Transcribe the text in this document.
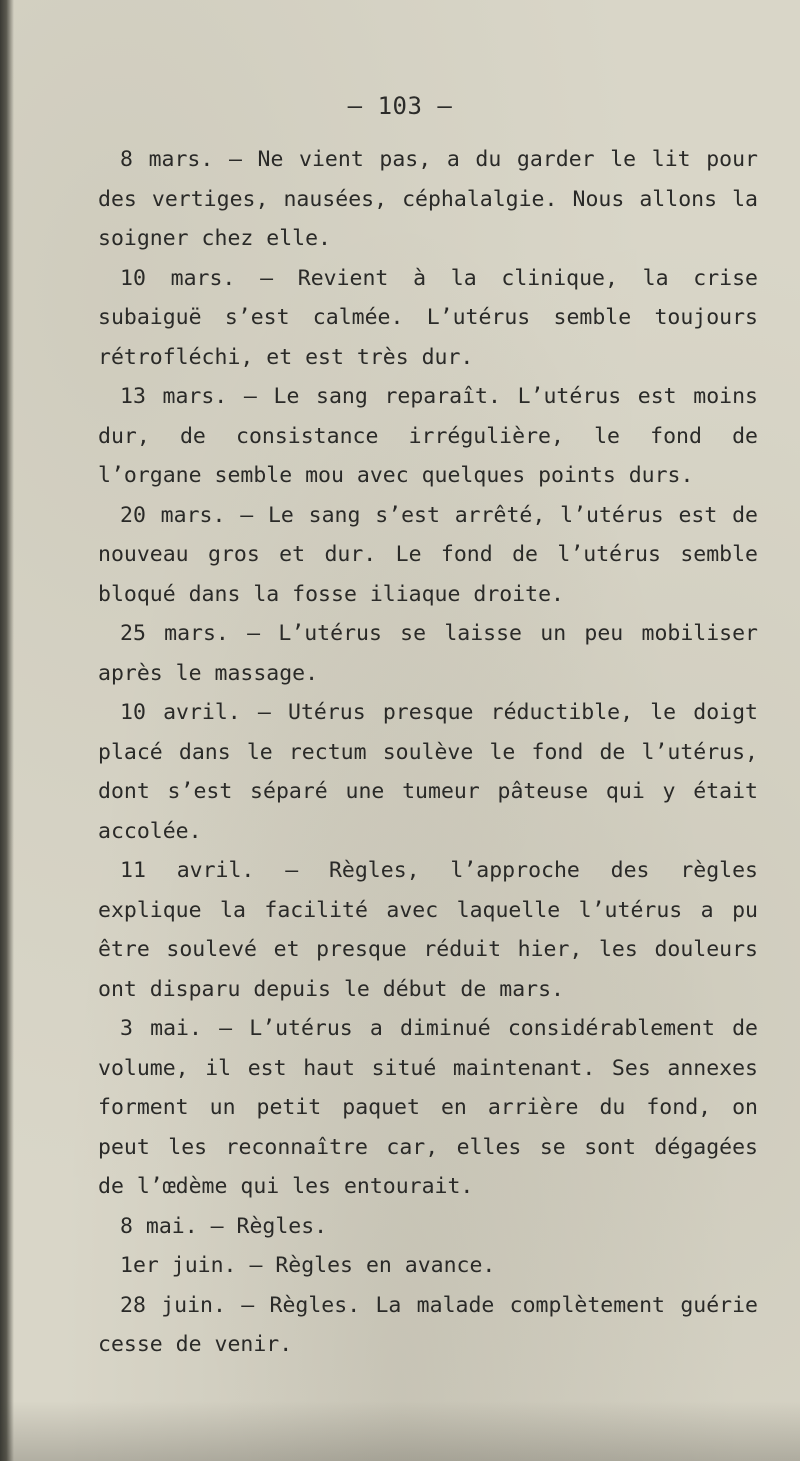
— 103 —

8 mars. — Ne vient pas, a du garder le lit pour des vertiges, nausées, céphalalgie. Nous allons la soigner chez elle.

10 mars. — Revient à la clinique, la crise subaiguë s’est calmée. L’utérus semble toujours rétrofléchi, et est très dur.

13 mars. — Le sang reparaît. L’utérus est moins dur, de consistance irrégulière, le fond de l’organe semble mou avec quelques points durs.

20 mars. — Le sang s’est arrêté, l’utérus est de nouveau gros et dur. Le fond de l’utérus semble bloqué dans la fosse iliaque droite.

25 mars. — L’utérus se laisse un peu mobiliser après le massage.

10 avril. — Utérus presque réductible, le doigt placé dans le rectum soulève le fond de l’utérus, dont s’est séparé une tumeur pâteuse qui y était accolée.

11 avril. — Règles, l’approche des règles explique la facilité avec laquelle l’utérus a pu être soulevé et presque réduit hier, les douleurs ont disparu depuis le début de mars.

3 mai. — L’utérus a diminué considérablement de volume, il est haut situé maintenant. Ses annexes forment un petit paquet en arrière du fond, on peut les reconnaître car, elles se sont dégagées de l’œdème qui les entourait.

8 mai. — Règles.

1er juin. — Règles en avance.

28 juin. — Règles. La malade complètement guérie cesse de venir.
